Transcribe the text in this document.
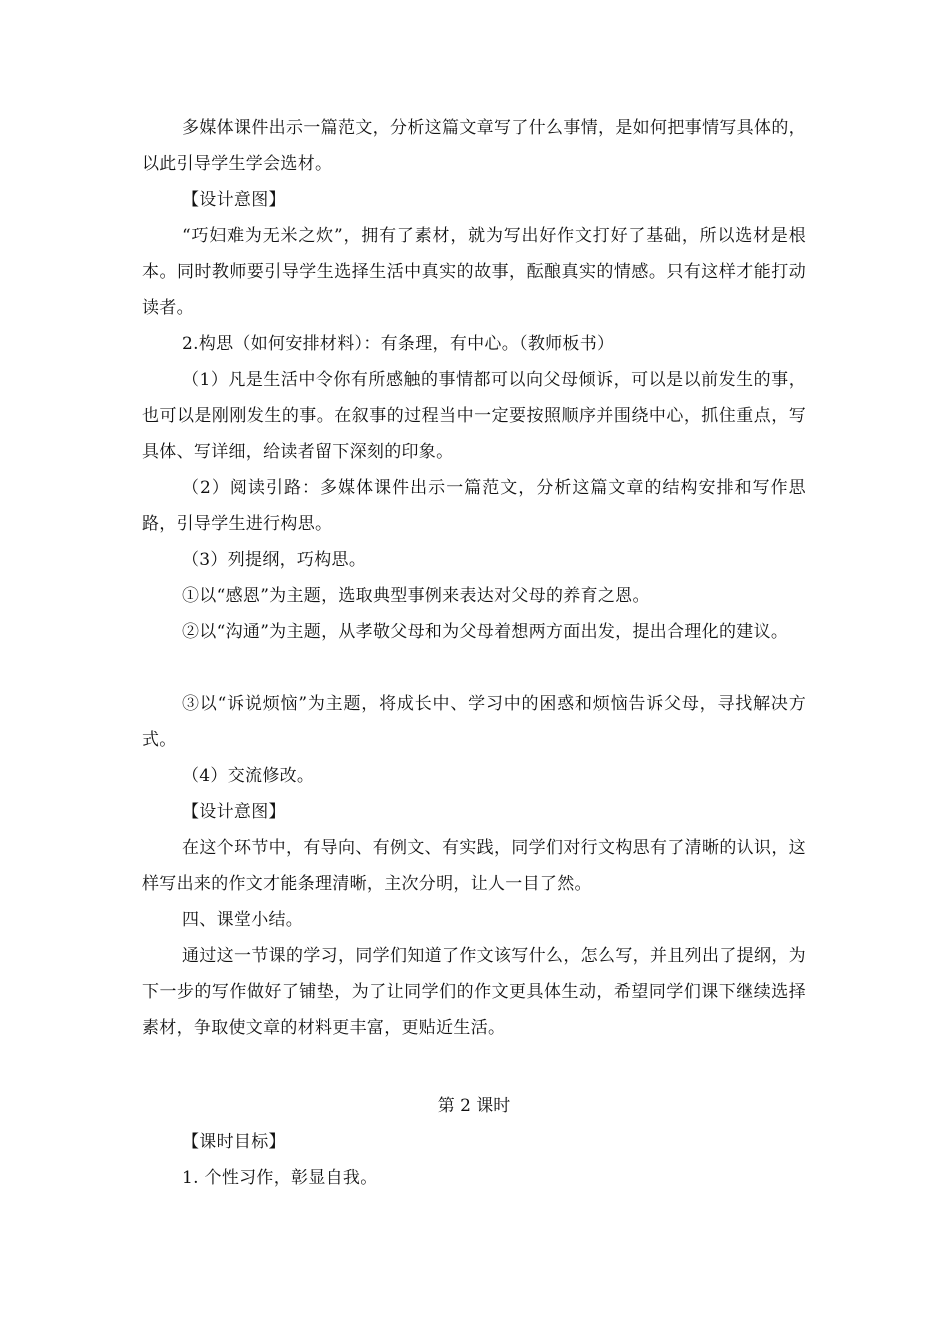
多媒体课件出示一篇范文，分析这篇文章写了什么事情，是如何把事情写具体的，以此引导学生学会选材。

【设计意图】

“巧妇难为无米之炊”，拥有了素材，就为写出好作文打好了基础，所以选材是根本。同时教师要引导学生选择生活中真实的故事，酝酿真实的情感。只有这样才能打动读者。

2.构思（如何安排材料）：有条理，有中心。（教师板书）

（1）凡是生活中令你有所感触的事情都可以向父母倾诉，可以是以前发生的事，也可以是刚刚发生的事。在叙事的过程当中一定要按照顺序并围绕中心，抓住重点，写具体、写详细，给读者留下深刻的印象。

（2）阅读引路：多媒体课件出示一篇范文，分析这篇文章的结构安排和写作思路，引导学生进行构思。

（3）列提纲，巧构思。

①以“感恩”为主题，选取典型事例来表达对父母的养育之恩。

②以“沟通”为主题，从孝敬父母和为父母着想两方面出发，提出合理化的建议。

③以“诉说烦恼”为主题，将成长中、学习中的困惑和烦恼告诉父母，寻找解决方式。

（4）交流修改。

【设计意图】

在这个环节中，有导向、有例文、有实践，同学们对行文构思有了清晰的认识，这样写出来的作文才能条理清晰，主次分明，让人一目了然。

四、课堂小结。

通过这一节课的学习，同学们知道了作文该写什么，怎么写，并且列出了提纲，为下一步的写作做好了铺垫，为了让同学们的作文更具体生动，希望同学们课下继续选择素材，争取使文章的材料更丰富，更贴近生活。

第 2 课时

【课时目标】

1. 个性习作，彰显自我。
